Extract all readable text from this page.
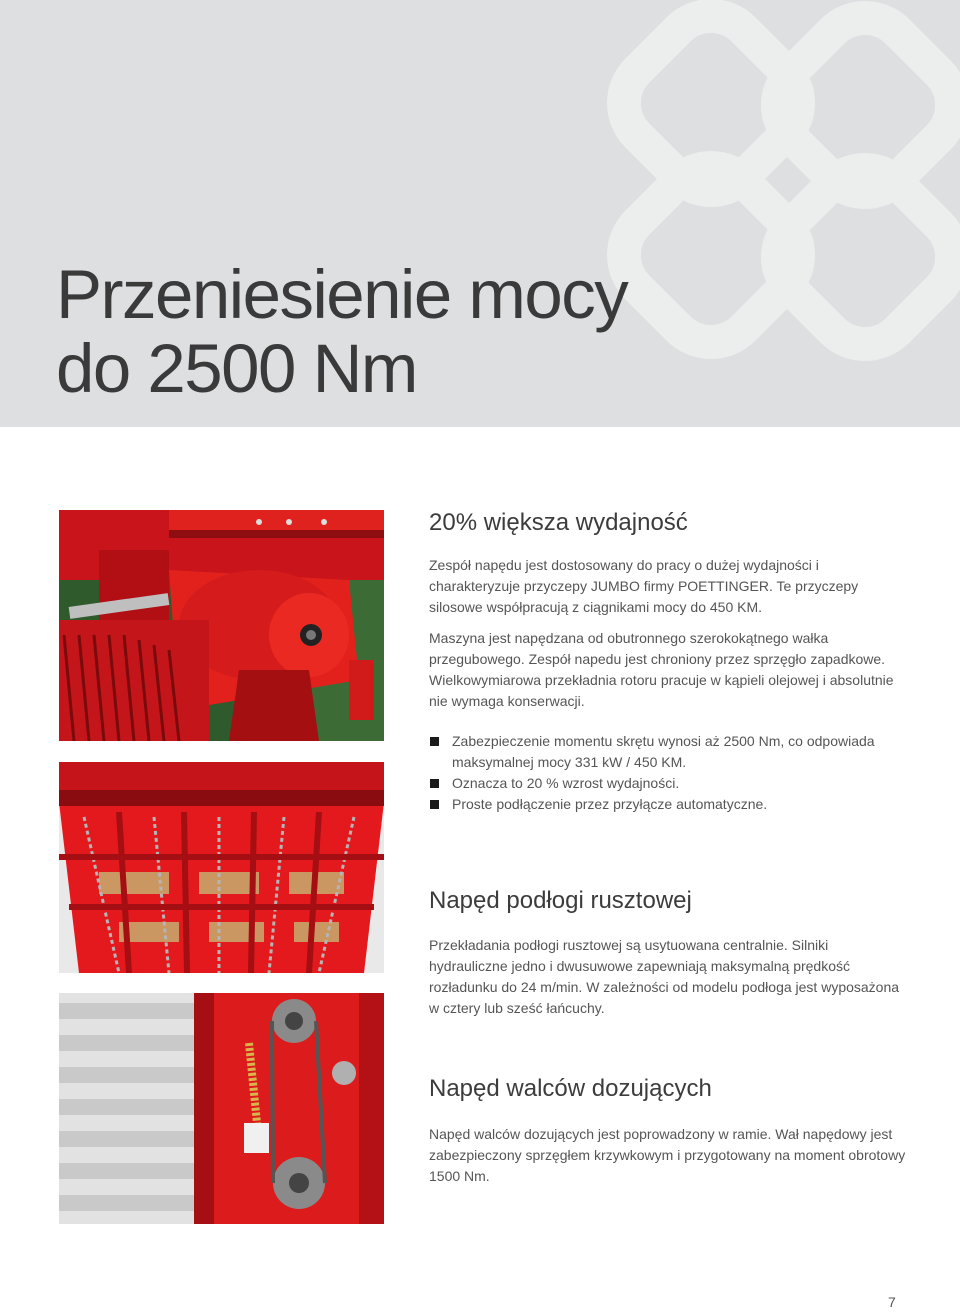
Przeniesienie mocy
do 2500 Nm
20% większa wydajność

Zespół napędu jest dostosowany do pracy o dużej wydajności i charakteryzuje przyczepy JUMBO firmy POETTINGER. Te przyczepy silosowe współpracują z ciągnikami mocy do 450 KM.

Maszyna jest napędzana od obutronnego szerokokątnego wałka przegubowego. Zespół napedu jest chroniony przez sprzęgło zapadkowe. Wielkowymiarowa przekładnia rotoru pracuje w kąpieli olejowej i absolutnie nie wymaga konserwacji.

Zabezpieczenie momentu skrętu wynosi aż 2500 Nm, co odpowiada maksymalnej mocy 331 kW / 450 KM.
Oznacza to 20 % wzrost wydajności.
Proste podłączenie przez przyłącze automatyczne.
Napęd podłogi rusztowej

Przekładania podłogi rusztowej są usytuowana centralnie. Silniki hydrauliczne jedno i dwusuwowe zapewniają maksymalną prędkość rozładunku do 24 m/min. W zależności od modelu podłoga jest wyposażona w cztery lub sześć łańcuchy.

Napęd walców dozujących

Napęd walców dozujących jest poprowadzony w ramie. Wał napędowy jest zabezpieczony sprzęgłem krzywkowym i przygotowany na moment obrotowy 1500 Nm.

7
